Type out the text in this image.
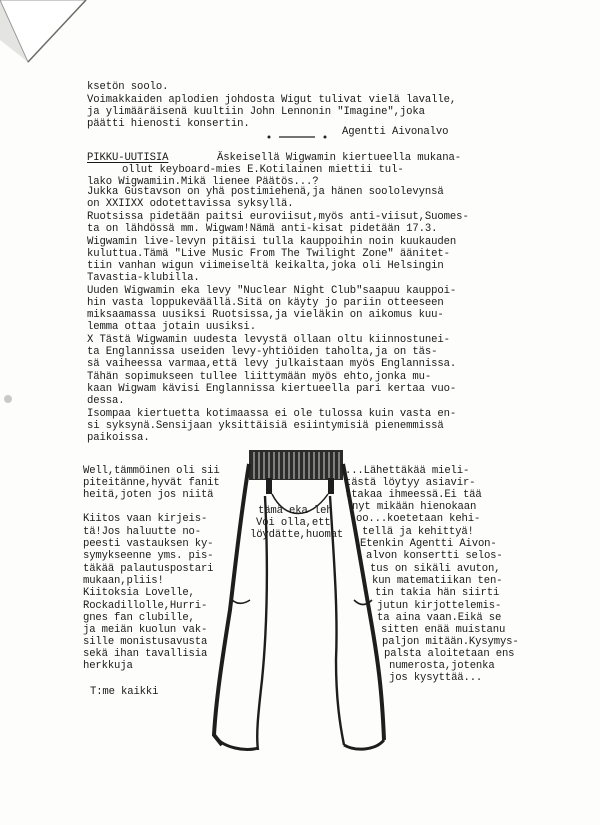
ksetön soolo.
Voimakkaiden aplodien johdosta Wigut tulivat vielä lavalle,
ja ylimääräisenä kuultiin John Lennonin "Imagine",joka
päätti hienosti konsertin.
Agentti Aivonalvo
PIKKU-UUTISIA	Äskeisellä Wigwamin kiertueella mukana-
ollut keyboard-mies E.Kotilainen miettii tul-
lako Wigwamiin.Mikä lienee Päätös...?
Jukka Gustavson on yhä postimiehenä,ja hänen soololevynsä
on XXIIXX odotettavissa syksyllä.
Ruotsissa pidetään paitsi euroviisut,myös anti-viisut,Suomes-
ta on lähdössä mm. Wigwam!Nämä anti-kisat pidetään 17.3.
Wigwamin live-levyn pitäisi tulla kauppoihin noin kuukauden
kuluttua.Tämä "Live Music From The Twilight Zone" äänitet-
tiin vanhan wigun viimeiseltä keikalta,joka oli Helsingin
Tavastia-klubilla.
Uuden Wigwamin eka levy "Nuclear Night Club"saapuu kauppoi-
hin vasta loppukeväällä.Sitä on käyty jo pariin otteeseen
miksaamassa uusiksi Ruotsissa,ja vieläkin on aikomus kuu-
lemma ottaa jotain uusiksi.
X Tästä Wigwamin uudesta levystä ollaan oltu kiinnostunei-
ta Englannissa useiden levy-yhtiöiden taholta,ja on täs-
sä vaiheessa varmaa,että levy julkaistaan myös Englannissa.
Tähän sopimukseen tullee liittymään myös ehto,jonka mu-
kaan Wigwam kävisi Englannissa kiertueella pari kertaa vuo-
dessa.
Isompaa kiertuetta kotimaassa ei ole tulossa kuin vasta en-
si syksynä.Sensijaan yksittäisiä esiintymisiä pienemmissä
paikoissa.
Well,tämmöinen oli sii
piteitänne,hyvät fanit
heitä,joten jos niitä
Kiitos vaan kirjeis-
tä!Jos haluutte no-
peesti vastauksen ky-
symykseenne yms. pis-
täkää palautuspostari
mukaan,pliis!
Kiitoksia Lovelle,
Rockadillolle,Hurri-
gnes fan clubille,
ja meiän kuolun vak-
sille monistusavusta
sekä ihan tavallisia
herkkuja
T:me kaikki
tämä eka leh
Voi olla,ett
löydätte,huomat
...Lähettäkää mieli-
tästä löytyy asiavir-
ttakaa ihmeessä.Ei tää
nyt mikään hienokaan
oo...koetetaan kehi-
tellä ja kehittyä!
Etenkin Agentti Aivon-
alvon konsertti selos-
tus on sikäli avuton,
kun matematiikan ten-
tin takia hän siirti
jutun kirjottelemis-
ta aina vaan.Eikä se
sitten enää muistanu
paljon mitään.Kysymys-
palsta aloitetaan ens
numerosta,jotenka
jos kysyttää...
